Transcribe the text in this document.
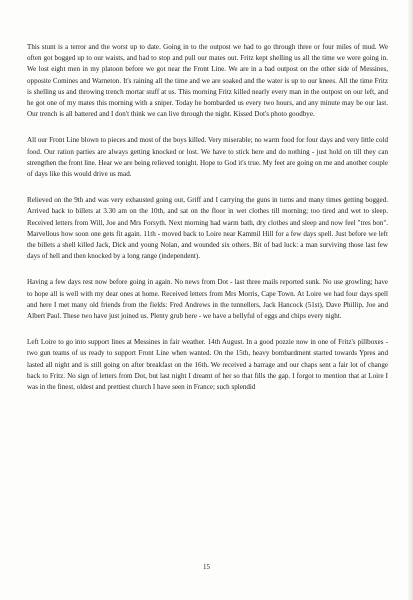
This stunt is a terror and the worst up to date. Going in to the outpost we had to go through three or four miles of mud. We often got bogged up to our waists, and had to stop and pull our mates out. Fritz kept shelling us all the time we were going in. We lost eight men in my platoon before we got near the Front Line. We are in a bad outpost on the other side of Messines, opposite Comines and Warneton. It's raining all the time and we are soaked and the water is up to our knees. All the time Fritz is shelling us and throwing trench mortar stuff at us. This morning Fritz killed nearly every man in the outpost on our left, and he got one of my mates this morning with a sniper. Today he bombarded us every two hours, and any minute may be our last. Our trench is all battered and I don't think we can live through the night. Kissed Dot's photo goodbye.

All our Front Line blown to pieces and most of the boys killed. Very miserable; no warm food for four days and very little cold food. Our ration parties are always getting knocked or lost. We have to stick here and do nothing - just hold on till they can strengthen the front line. Hear we are being relieved tonight. Hope to God it's true. My feet are going on me and another couple of days like this would drive us mad.

Relieved on the 9th and was very exhausted going out, Griff and I carrying the guns in turns and many times getting bogged. Arrived back to billets at 3.30 am on the 10th, and sat on the floor in wet clothes till morning; too tired and wet to sleep. Received letters from Will, Joe and Mrs Forsyth. Next morning had warm bath, dry clothes and sleep and now feel "tres bon". Marvellous how soon one gets fit again. 11th - moved back to Loire near Kammil Hill for a few days spell. Just before we left the billets a shell killed Jack, Dick and young Nolan, and wounded six others. Bit of bad luck: a man surviving those last few days of hell and then knocked by a long range (independent).

Having a few days rest now before going in again. No news from Dot - last three mails reported sunk. No use growling; have to hope all is well with my dear ones at home. Received letters from Mrs Morris, Cape Town. At Loire we had four days spell and here I met many old friends from the fields: Fred Andrews in the tunnellers, Jack Hancock (51st), Dave Phillip, Joe and Albert Paul. These two have just joined us. Plenty grub here - we have a bellyful of eggs and chips every night.

Left Loire to go into support lines at Messines in fair weather. 14th August. In a good pozzie now in one of Fritz's pillboxes - two gun teams of us ready to support Front Line when wanted. On the 15th, heavy bombardment started towards Ypres and lasted all night and is still going on after breakfast on the 16th. We received a barrage and our chaps sent a fair lot of change back to Fritz. No sign of letters from Dot, but last night I dreamt of her so that fills the gap. I forgot to mention that at Loire I was in the finest, oldest and prettiest church I have seen in France; such splendid

15
